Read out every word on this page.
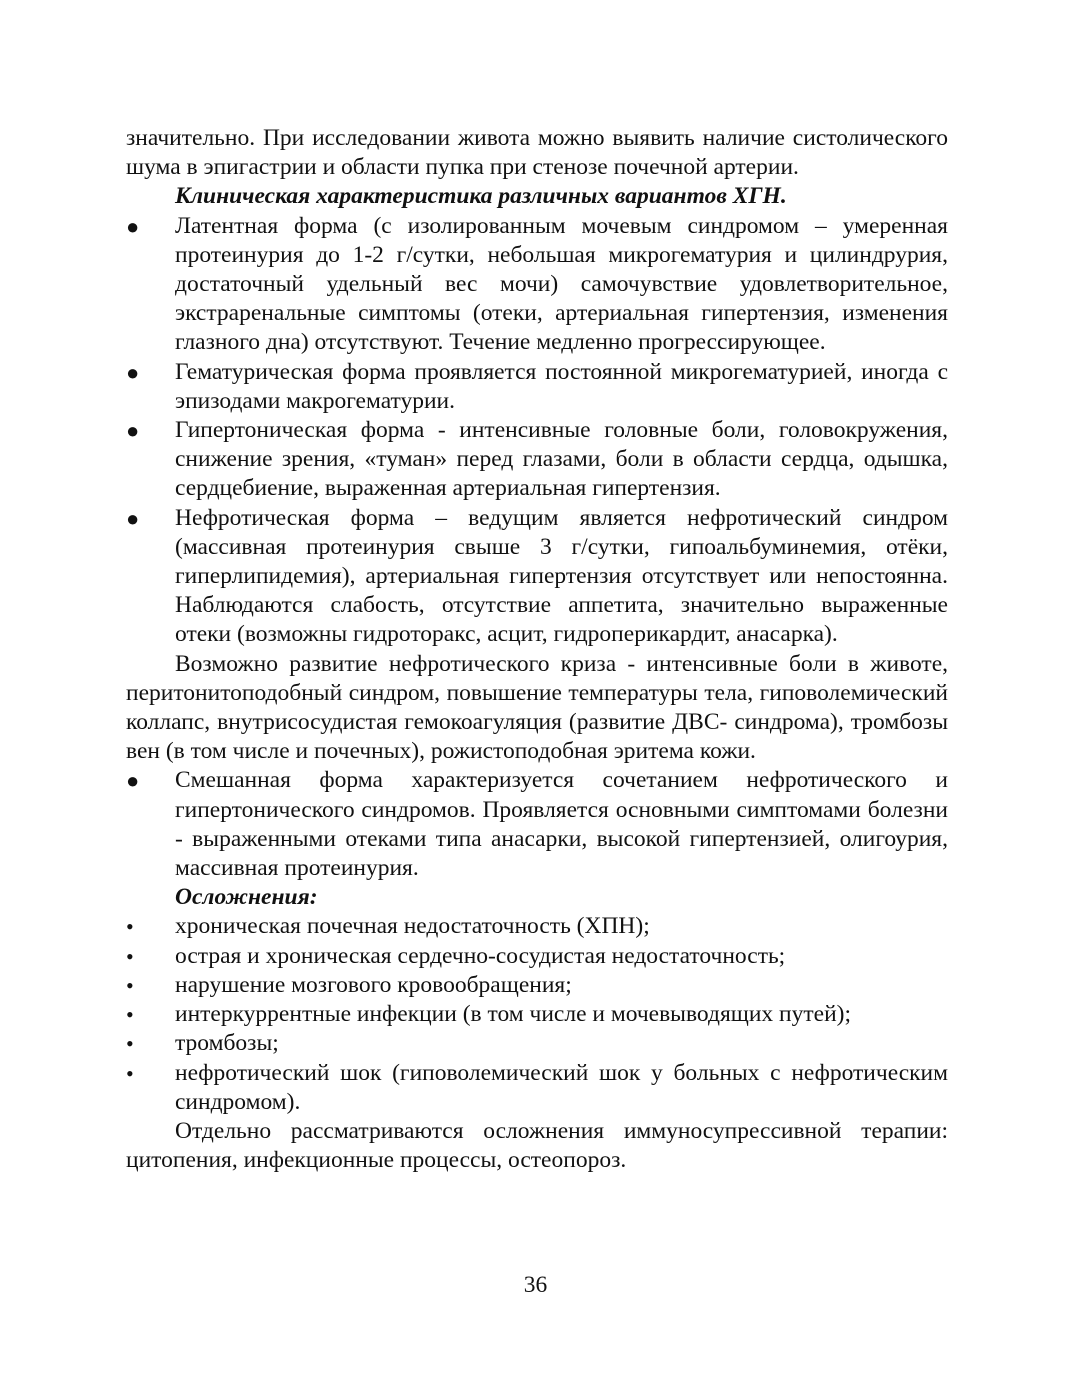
значительно. При исследовании живота можно выявить наличие систолического шума в эпигастрии и области пупка при стенозе почечной артерии.

Клиническая характеристика различных вариантов ХГН.

● Латентная форма (с изолированным мочевым синдромом – умеренная протеинурия до 1-2 г/сутки, небольшая микрогематурия и цилиндрурия, достаточный удельный вес мочи) самочувствие удовлетворительное, экстраренальные симптомы (отеки, артериальная гипертензия, изменения глазного дна) отсутствуют. Течение медленно прогрессирующее.
● Гематурическая форма проявляется постоянной микрогематурией, иногда с эпизодами макрогематурии.
● Гипертоническая форма - интенсивные головные боли, головокружения, снижение зрения, «туман» перед глазами, боли в области сердца, одышка, сердцебиение, выраженная артериальная гипертензия.
● Нефротическая форма – ведущим является нефротический синдром (массивная протеинурия свыше 3 г/сутки, гипоальбуминемия, отёки, гиперлипидемия), артериальная гипертензия отсутствует или непостоянна. Наблюдаются слабость, отсутствие аппетита, значительно выраженные отеки (возможны гидроторакс, асцит, гидроперикардит, анасарка).

Возможно развитие нефротического криза - интенсивные боли в животе, перитонитоподобный синдром, повышение температуры тела, гиповолемический коллапс, внутрисосудистая гемокоагуляция (развитие ДВС- синдрома), тромбозы вен (в том числе и почечных), рожистоподобная эритема кожи.

● Смешанная форма характеризуется сочетанием нефротического и гипертонического синдромов. Проявляется основными симптомами болезни - выраженными отеками типа анасарки, высокой гипертензией, олигоурия, массивная протеинурия.

Осложнения:

•	хроническая почечная недостаточность (ХПН);
•	острая и хроническая сердечно-сосудистая недостаточность;
•	нарушение мозгового кровообращения;
•	интеркуррентные инфекции (в том числе и мочевыводящих путей);
•	тромбозы;
•	нефротический шок (гиповолемический шок у больных с нефротическим синдромом).

Отдельно рассматриваются осложнения иммуносупрессивной терапии: цитопения, инфекционные процессы, остеопороз.

36
